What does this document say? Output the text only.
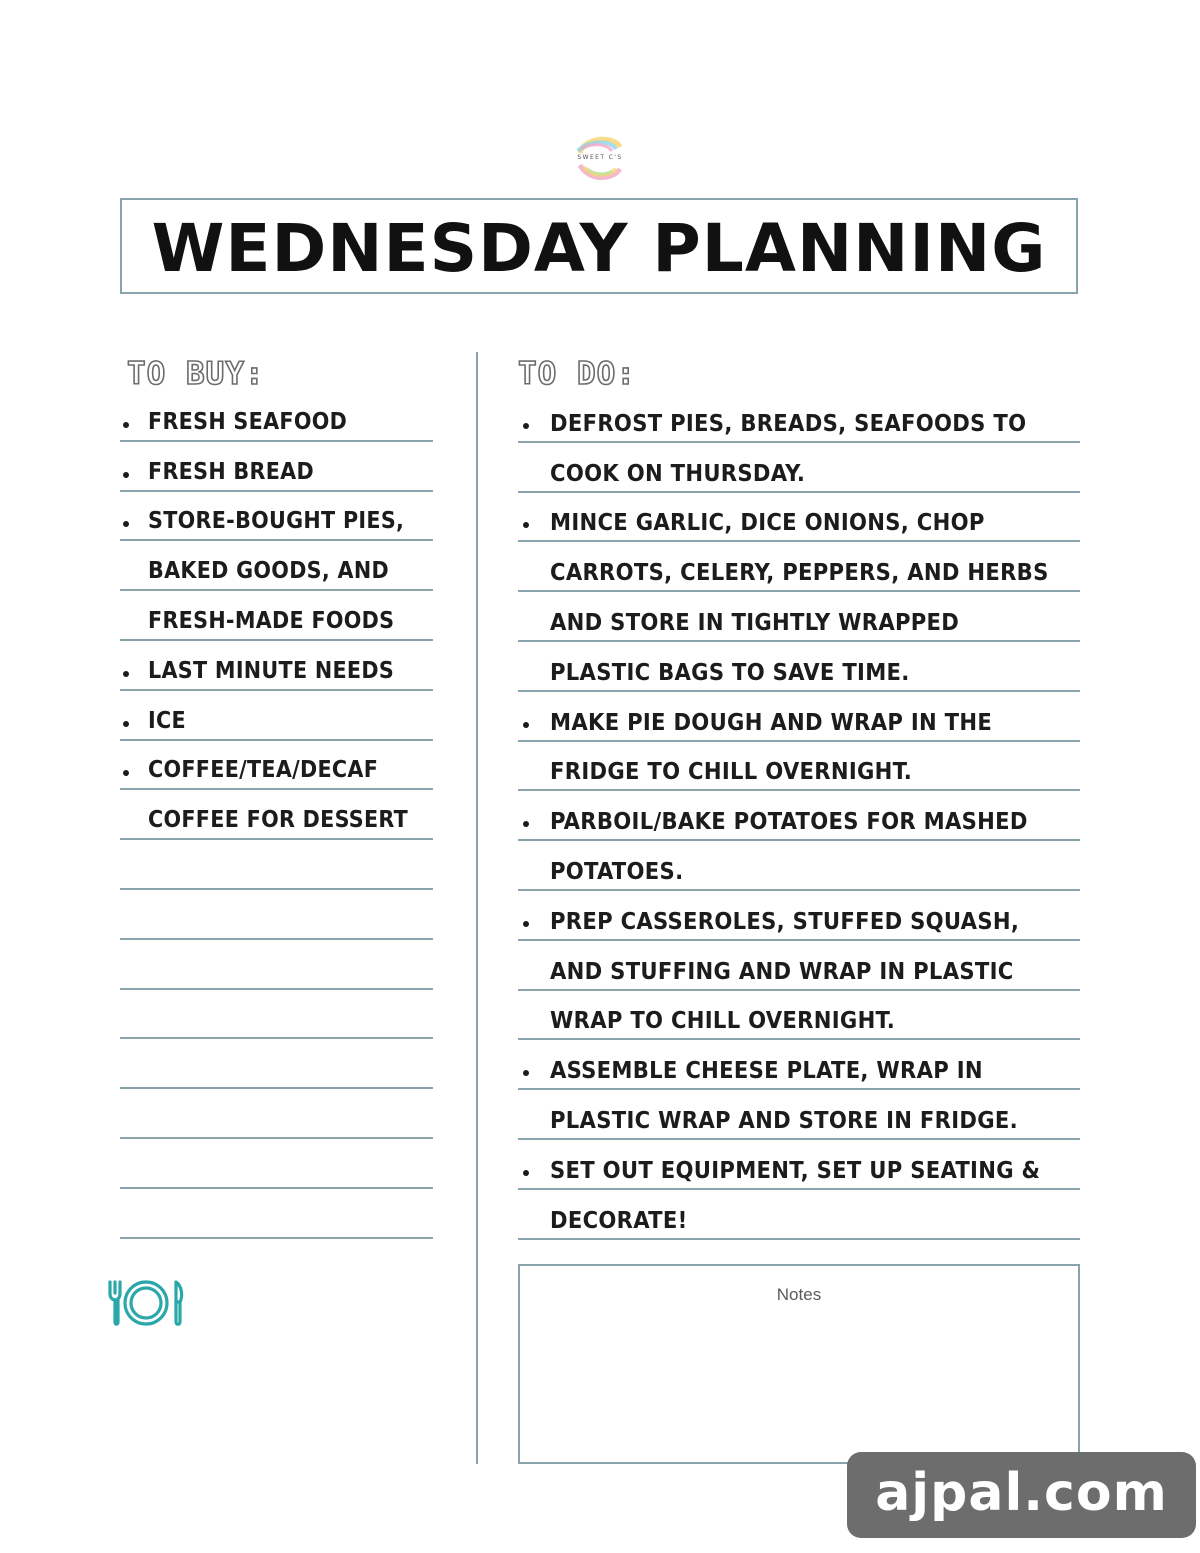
SWEET C'S
WEDNESDAY PLANNING
TO BUY:	TO DO:
FRESH SEAFOOD
FRESH BREAD
STORE-BOUGHT PIES,
BAKED GOODS, AND
FRESH-MADE FOODS
LAST MINUTE NEEDS
ICE
COFFEE/TEA/DECAF
COFFEE FOR DESSERT
DEFROST PIES, BREADS, SEAFOODS TO
COOK ON THURSDAY.
MINCE GARLIC, DICE ONIONS, CHOP
CARROTS, CELERY, PEPPERS, AND HERBS
AND STORE IN TIGHTLY WRAPPED
PLASTIC BAGS TO SAVE TIME.
MAKE PIE DOUGH AND WRAP IN THE
FRIDGE TO CHILL OVERNIGHT.
PARBOIL/BAKE POTATOES FOR MASHED
POTATOES.
PREP CASSEROLES, STUFFED SQUASH,
AND STUFFING AND WRAP IN PLASTIC
WRAP TO CHILL OVERNIGHT.
ASSEMBLE CHEESE PLATE, WRAP IN
PLASTIC WRAP AND STORE IN FRIDGE.
SET OUT EQUIPMENT, SET UP SEATING &
DECORATE!
Notes
ajpal.com
